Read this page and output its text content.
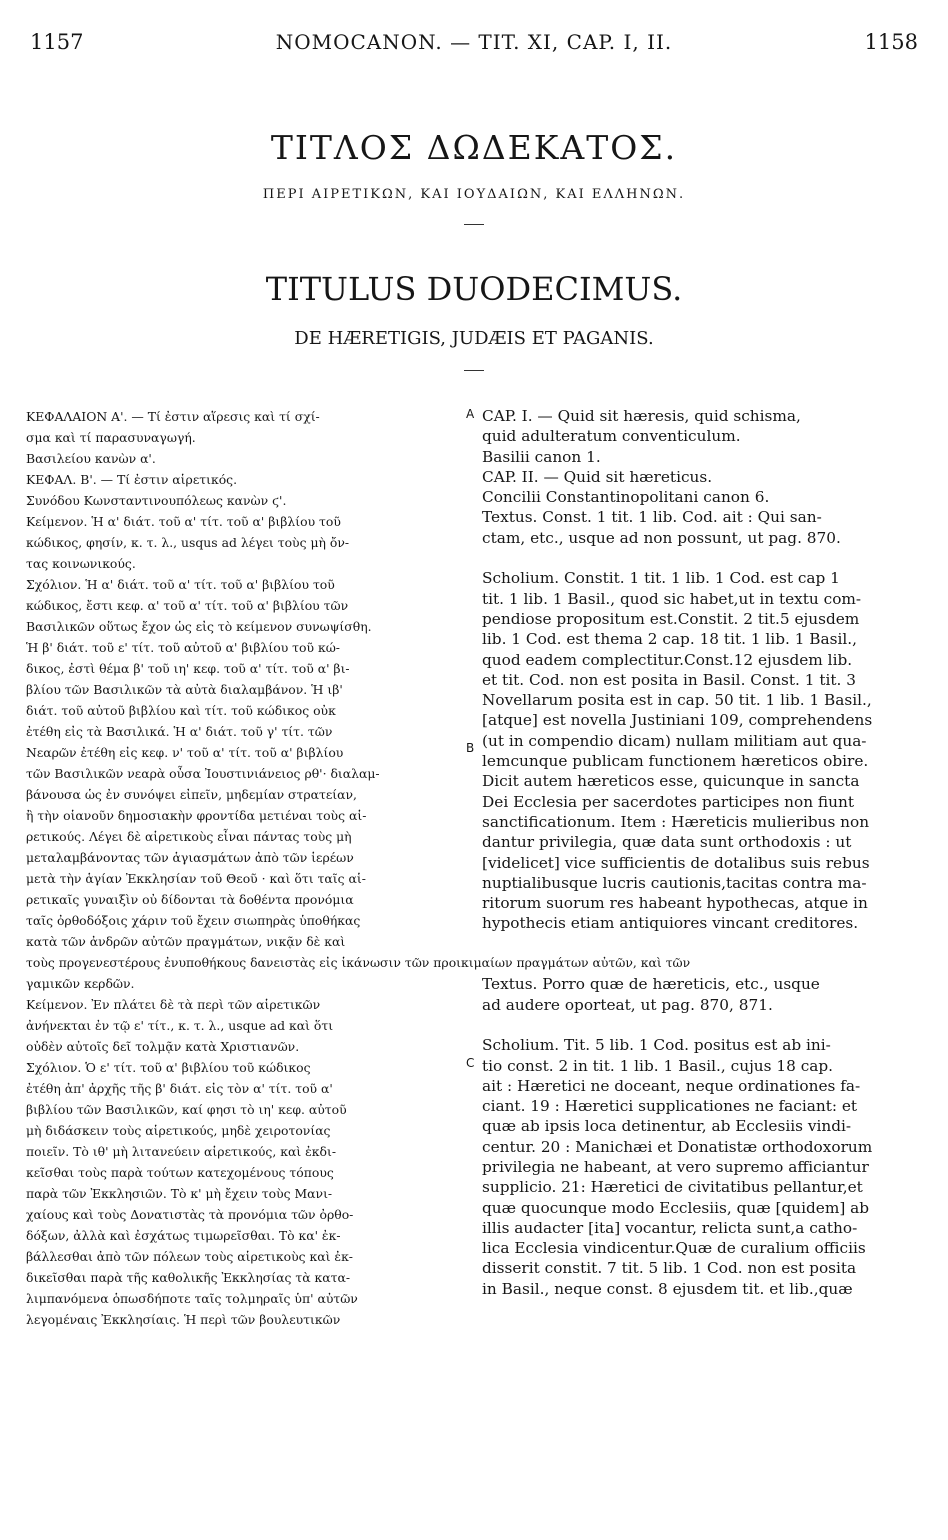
1157	NOMOCANON. — TIT. XI, CAP. I, II.	1158
ΤΙΤΛΟΣ ΔΩΔΕΚΑΤΟΣ.
ΠΕΡΙ ΑΙΡΕΤΙΚΩΝ, ΚΑΙ ΙΟΥΔΑΙΩΝ, ΚΑΙ ΕΛΛΗΝΩΝ.
TITULUS DUODECIMUS.
DE HÆRETIGIS, JUDÆIS ET PAGANIS.
A
B
C
ΚΕΦΑΛΑΙΟΝ Α'. — Τί ἐστιν αἵρεσις καὶ τί σχί-
σμα καὶ τί παρασυναγωγή.
Βασιλείου κανὼν α'.
ΚΕΦΑΛ. Β'. — Τί ἐστιν αἱρετικός.
Συνόδου Κωνσταντινουπόλεως κανὼν ϛ'.
Κείμενον. Ἡ α' διάτ. τοῦ α' τίτ. τοῦ α' βιβλίου τοῦ
κώδικος, φησίν, κ. τ. λ., usqus ad λέγει τοὺς μὴ ὄν-
τας κοινωνικούς.
Σχόλιον. Ἡ α' διάτ. τοῦ α' τίτ. τοῦ α' βιβλίου τοῦ
κώδικος, ἔστι κεφ. α' τοῦ α' τίτ. τοῦ α' βιβλίου τῶν
Βασιλικῶν οὕτως ἔχον ὡς εἰς τὸ κείμενον συνωψίσθη.
Ἡ β' διάτ. τοῦ ε' τίτ. τοῦ αὐτοῦ α' βιβλίου τοῦ κώ-
δικος, ἐστὶ θέμα β' τοῦ ιη' κεφ. τοῦ α' τίτ. τοῦ α' βι-
βλίου τῶν Βασιλικῶν τὰ αὐτὰ διαλαμβάνον. Ἡ ιβ'
διάτ. τοῦ αὐτοῦ βιβλίου καὶ τίτ. τοῦ κώδικος οὐκ
ἐτέθη εἰς τὰ Βασιλικά. Ἡ α' διάτ. τοῦ γ' τίτ. τῶν
Νεαρῶν ἐτέθη εἰς κεφ. ν' τοῦ α' τίτ. τοῦ α' βιβλίου
τῶν Βασιλικῶν νεαρὰ οὖσα Ἰουστινιάνειος ρθ'· διαλαμ-
βάνουσα ὡς ἐν συνόψει εἰπεῖν, μηδεμίαν στρατείαν,
ἢ τὴν οἱανοῦν δημοσιακὴν φροντίδα μετιέναι τοὺς αἱ-
ρετικούς. Λέγει δὲ αἱρετικοὺς εἶναι πάντας τοὺς μὴ
μεταλαμβάνοντας τῶν ἁγιασμάτων ἀπὸ τῶν ἱερέων
μετὰ τὴν ἁγίαν Ἐκκλησίαν τοῦ Θεοῦ · καὶ ὅτι ταῖς αἱ-
ρετικαῖς γυναιξὶν οὐ δίδονται τὰ δοθέντα προνόμια
ταῖς ὀρθοδόξοις χάριν τοῦ ἔχειν σιωπηρὰς ὑποθήκας
κατὰ τῶν ἀνδρῶν αὐτῶν πραγμάτων, νικᾷν δὲ καὶ
τοὺς προγενεστέρους ἐνυποθήκους δανειστὰς εἰς ἱκάνωσιν τῶν προικιμαίων πραγμάτων αὐτῶν, καὶ τῶν
γαμικῶν κερδῶν.
Κείμενον. Ἐν πλάτει δὲ τὰ περὶ τῶν αἱρετικῶν
ἀνήνεκται ἐν τῷ ε' τίτ., κ. τ. λ., usque ad καὶ ὅτι
οὐδὲν αὐτοῖς δεῖ τολμᾷν κατὰ Χριστιανῶν.
Σχόλιον. Ὁ ε' τίτ. τοῦ α' βιβλίου τοῦ κώδικος
ἐτέθη ἀπ' ἀρχῆς τῆς β' διάτ. εἰς τὸν α' τίτ. τοῦ α'
βιβλίου τῶν Βασιλικῶν, καί φησι τὸ ιη' κεφ. αὐτοῦ
μὴ διδάσκειν τοὺς αἱρετικούς, μηδὲ χειροτονίας
ποιεῖν. Τὸ ιθ' μὴ λιτανεύειν αἱρετικούς, καὶ ἐκδι-
κεῖσθαι τοὺς παρὰ τούτων κατεχομένους τόπους
παρὰ τῶν Ἐκκλησιῶν. Τὸ κ' μὴ ἔχειν τοὺς Μανι-
χαίους καὶ τοὺς Δονατιστὰς τὰ προνόμια τῶν ὀρθο-
δόξων, ἀλλὰ καὶ ἐσχάτως τιμωρεῖσθαι. Τὸ κα' ἐκ-
βάλλεσθαι ἀπὸ τῶν πόλεων τοὺς αἱρετικοὺς καὶ ἐκ-
δικεῖσθαι παρὰ τῆς καθολικῆς Ἐκκλησίας τὰ κατα-
λιμπανόμενα ὁπωσδήποτε ταῖς τολμηραῖς ὑπ' αὐτῶν
λεγομέναις Ἐκκλησίαις. Ἡ περὶ τῶν βουλευτικῶν
CAP. I. — Quid sit hæresis, quid schisma,
quid adulteratum conventiculum.
Basilii canon 1.
CAP. II. — Quid sit hæreticus.
Concilii Constantinopolitani canon 6.
Textus. Const. 1 tit. 1 lib. Cod. ait : Qui san-
ctam, etc., usque ad non possunt, ut pag. 870.

Scholium. Constit. 1 tit. 1 lib. 1 Cod. est cap 1
tit. 1 lib. 1 Basil., quod sic habet,ut in textu com-
pendiose propositum est.Constit. 2 tit.5 ejusdem
lib. 1 Cod. est thema 2 cap. 18 tit. 1 lib. 1 Basil.,
quod eadem complectitur.Const.12 ejusdem lib.
et tit. Cod. non est posita in Basil. Const. 1 tit. 3
Novellarum posita est in cap. 50 tit. 1 lib. 1 Basil.,
[atque] est novella Justiniani 109, comprehendens
(ut in compendio dicam) nullam militiam aut qua-
lemcunque publicam functionem hæreticos obire.
Dicit autem hæreticos esse, quicunque in sancta
Dei Ecclesia per sacerdotes participes non fiunt
sanctificationum. Item : Hæreticis mulieribus non
dantur privilegia, quæ data sunt orthodoxis : ut
[videlicet] vice sufficientis de dotalibus suis rebus
nuptialibusque lucris cautionis,tacitas contra ma-
ritorum suorum res habeant hypothecas, atque in
hypothecis etiam antiquiores vincant creditores.

Textus. Porro quæ de hæreticis, etc., usque
ad audere oporteat, ut pag. 870, 871.

Scholium. Tit. 5 lib. 1 Cod. positus est ab ini-
tio const. 2 in tit. 1 lib. 1 Basil., cujus 18 cap.
ait : Hæretici ne doceant, neque ordinationes fa-
ciant. 19 : Hæretici supplicationes ne faciant: et
quæ ab ipsis loca detinentur, ab Ecclesiis vindi-
centur. 20 : Manichæi et Donatistæ orthodoxorum
privilegia ne habeant, at vero supremo afficiantur
supplicio. 21: Hæretici de civitatibus pellantur,et
quæ quocunque modo Ecclesiis, quæ [quidem] ab
illis audacter [ita] vocantur, relicta sunt,a catho-
lica Ecclesia vindicentur.Quæ de curalium officiis
disserit constit. 7 tit. 5 lib. 1 Cod. non est posita
in Basil., neque const. 8 ejusdem tit. et lib.,quæ
